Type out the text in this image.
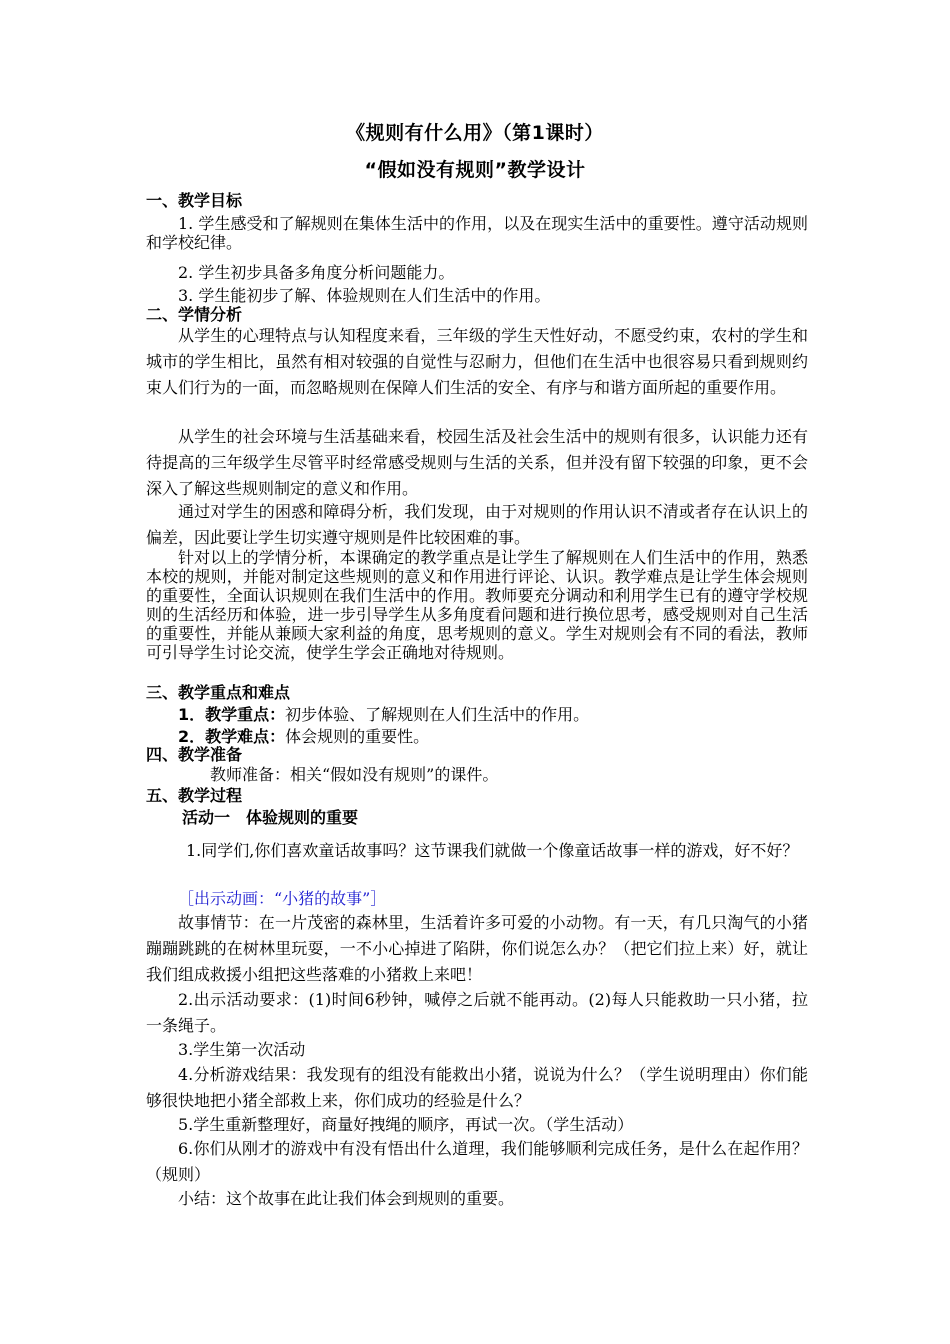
《规则有什么用》（第1课时）
“假如没有规则”教学设计
一、教学目标
1. 学生感受和了解规则在集体生活中的作用，以及在现实生活中的重要性。遵守活动规则和学校纪律。
2. 学生初步具备多角度分析问题能力。
3. 学生能初步了解、体验规则在人们生活中的作用。
二、学情分析
从学生的心理特点与认知程度来看，三年级的学生天性好动，不愿受约束，农村的学生和城市的学生相比，虽然有相对较强的自觉性与忍耐力，但他们在生活中也很容易只看到规则约束人们行为的一面，而忽略规则在保障人们生活的安全、有序与和谐方面所起的重要作用。
从学生的社会环境与生活基础来看，校园生活及社会生活中的规则有很多，认识能力还有待提高的三年级学生尽管平时经常感受规则与生活的关系，但并没有留下较强的印象，更不会深入了解这些规则制定的意义和作用。
通过对学生的困惑和障碍分析，我们发现，由于对规则的作用认识不清或者存在认识上的偏差，因此要让学生切实遵守规则是件比较困难的事。
针对以上的学情分析，本课确定的教学重点是让学生了解规则在人们生活中的作用，熟悉本校的规则，并能对制定这些规则的意义和作用进行评论、认识。教学难点是让学生体会规则的重要性，全面认识规则在我们生活中的作用。教师要充分调动和利用学生已有的遵守学校规则的生活经历和体验，进一步引导学生从多角度看问题和进行换位思考，感受规则对自己生活的重要性，并能从兼顾大家利益的角度，思考规则的意义。学生对规则会有不同的看法，教师可引导学生讨论交流，使学生学会正确地对待规则。
三、教学重点和难点
1．教学重点：初步体验、了解规则在人们生活中的作用。
2．教学难点：体会规则的重要性。
四、教学准备
教师准备：相关“假如没有规则”的课件。
五、教学过程
活动一　体验规则的重要
1.同学们,你们喜欢童话故事吗？这节课我们就做一个像童话故事一样的游戏，好不好？
［出示动画：“小猪的故事”］
故事情节：在一片茂密的森林里，生活着许多可爱的小动物。有一天，有几只淘气的小猪蹦蹦跳跳的在树林里玩耍，一不小心掉进了陷阱，你们说怎么办？（把它们拉上来）好，就让我们组成救援小组把这些落难的小猪救上来吧！
2.出示活动要求：(1)时间6秒钟，喊停之后就不能再动。(2)每人只能救助一只小猪，拉一条绳子。
3.学生第一次活动
4.分析游戏结果：我发现有的组没有能救出小猪，说说为什么？（学生说明理由）你们能够很快地把小猪全部救上来，你们成功的经验是什么？
5.学生重新整理好，商量好拽绳的顺序，再试一次。（学生活动）
6.你们从刚才的游戏中有没有悟出什么道理，我们能够顺利完成任务，是什么在起作用？（规则）
小结：这个故事在此让我们体会到规则的重要。
